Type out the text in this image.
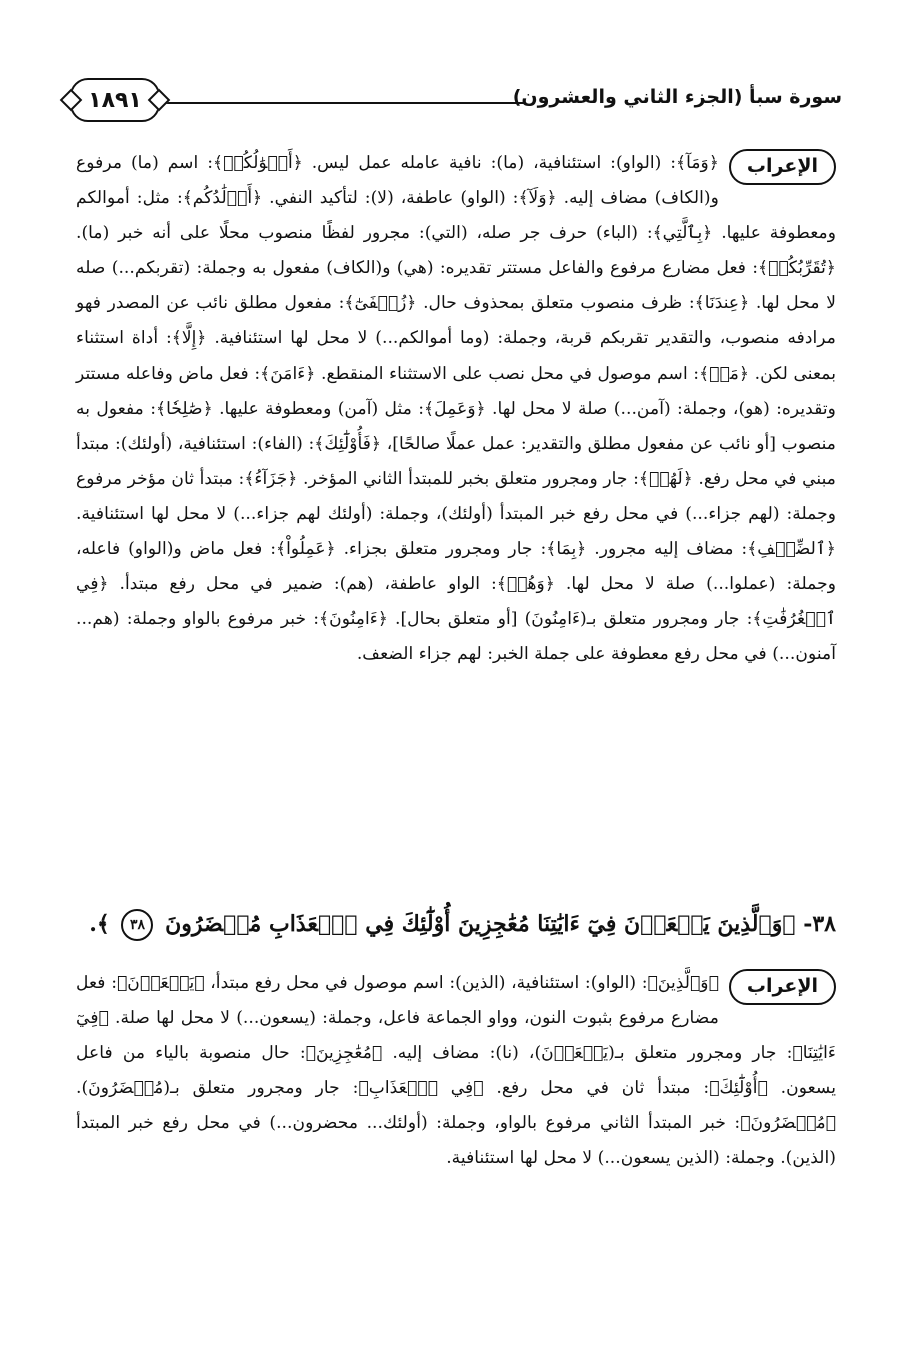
سورة سبأ (الجزء الثاني والعشرون)
١٨٩١
الإعراب
﴿وَمَآ﴾: (الواو): استئنافية، (ما): نافية عامله عمل ليس. ﴿أَمۡوَٰلُكُمۡ﴾: اسم (ما) مرفوع و(الكاف) مضاف إليه. ﴿وَلَآ﴾: (الواو) عاطفة، (لا): لتأكيد النفي. ﴿أَوۡلَٰدُكُم﴾: مثل: أموالكم ومعطوفة عليها. ﴿بِٱلَّتِي﴾: (الباء) حرف جر صله، (التي): مجرور لفظًا منصوب محلًا على أنه خبر (ما). ﴿تُقَرِّبُكُمۡ﴾: فعل مضارع مرفوع والفاعل مستتر تقديره: (هي) و(الكاف) مفعول به وجملة: (تقربكم...) صله لا محل لها. ﴿عِندَنَا﴾: ظرف منصوب متعلق بمحذوف حال. ﴿زُلۡفَىٰٓ﴾: مفعول مطلق نائب عن المصدر فهو مرادفه منصوب، والتقدير تقربكم قربة، وجملة: (وما أموالكم...) لا محل لها استئنافية. ﴿إِلَّا﴾: أداة استثناء بمعنى لكن. ﴿مَنۡ﴾: اسم موصول في محل نصب على الاستثناء المنقطع. ﴿ءَامَنَ﴾: فعل ماض وفاعله مستتر وتقديره: (هو)، وجملة: (آمن...) صلة لا محل لها. ﴿وَعَمِلَ﴾: مثل (آمن) ومعطوفة عليها. ﴿صَٰلِحٗا﴾: مفعول به منصوب [أو نائب عن مفعول مطلق والتقدير: عمل عملًا صالحًا]، ﴿فَأُوْلَٰٓئِكَ﴾: (الفاء): استئنافية، (أولئك): مبتدأ مبني في محل رفع. ﴿لَهُمۡ﴾: جار ومجرور متعلق بخبر للمبتدأ الثاني المؤخر. ﴿جَزَآءُ﴾: مبتدأ ثان مؤخر مرفوع وجملة: (لهم جزاء...) في محل رفع خبر المبتدأ (أولئك)، وجملة: (أولئك لهم جزاء...) لا محل لها استئنافية. ﴿ٱلضِّعۡفِ﴾: مضاف إليه مجرور. ﴿بِمَا﴾: جار ومجرور متعلق بجزاء. ﴿عَمِلُواْ﴾: فعل ماض و(الواو) فاعله، وجملة: (عملوا...) صلة لا محل لها. ﴿وَهُمۡ﴾: الواو عاطفة، (هم): ضمير في محل رفع مبتدأ. ﴿فِي ٱلۡغُرُفَٰتِ﴾: جار ومجرور متعلق بـ(ءَامِنُونَ) [أو متعلق بحال]. ﴿ءَامِنُونَ﴾: خبر مرفوع بالواو وجملة: (هم... آمنون...) في محل رفع معطوفة على جملة الخبر: لهم جزاء الضعف.
٣٨- ﴿وَٱلَّذِينَ يَسۡعَوۡنَ فِيٓ ءَايَٰتِنَا مُعَٰجِزِينَ أُوْلَٰٓئِكَ فِي ٱلۡعَذَابِ مُحۡضَرُونَ ٣٨ ﴾.
الإعراب
﴿وَٱلَّذِينَ﴾: (الواو): استئنافية، (الذين): اسم موصول في محل رفع مبتدأ، ﴿يَسۡعَوۡنَ﴾: فعل مضارع مرفوع بثبوت النون، وواو الجماعة فاعل، وجملة: (يسعون...) لا محل لها صلة. ﴿فِيٓ ءَايَٰتِنَا﴾: جار ومجرور متعلق بـ(يَسۡعَوۡنَ)، (نا): مضاف إليه. ﴿مُعَٰجِزِينَ﴾: حال منصوبة بالياء من فاعل يسعون. ﴿أُوْلَٰٓئِكَ﴾: مبتدأ ثان في محل رفع. ﴿فِي ٱلۡعَذَابِ﴾: جار ومجرور متعلق بـ(مُحۡضَرُونَ). ﴿مُحۡضَرُونَ﴾: خبر المبتدأ الثاني مرفوع بالواو، وجملة: (أولئك... محضرون...) في محل رفع خبر المبتدأ (الذين). وجملة: (الذين يسعون...) لا محل لها استئنافية.
